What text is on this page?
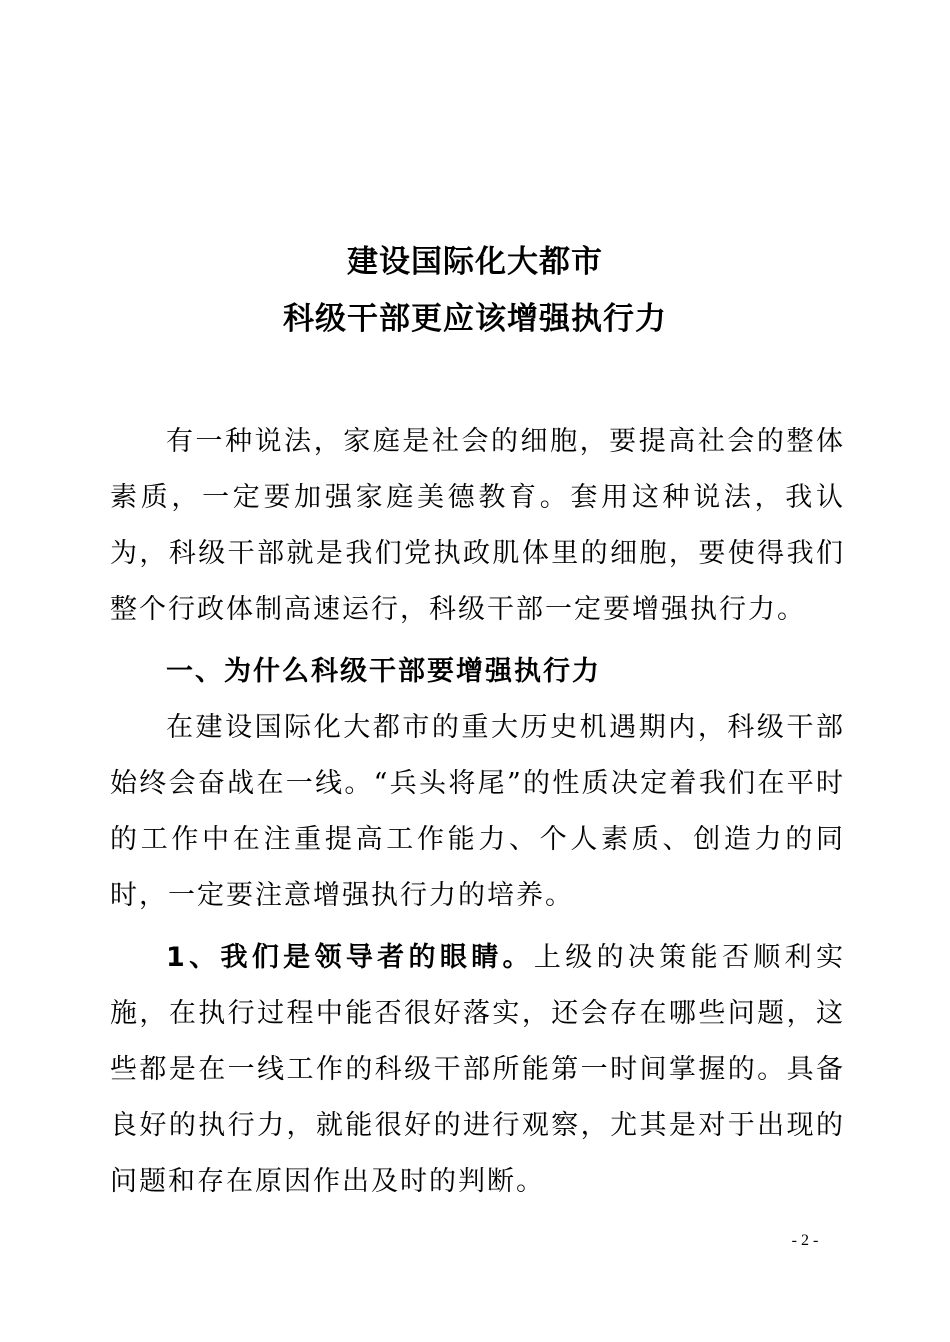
建设国际化大都市
科级干部更应该增强执行力

有一种说法，家庭是社会的细胞，要提高社会的整体素质，一定要加强家庭美德教育。套用这种说法，我认为，科级干部就是我们党执政肌体里的细胞，要使得我们整个行政体制高速运行，科级干部一定要增强执行力。

一、为什么科级干部要增强执行力

在建设国际化大都市的重大历史机遇期内，科级干部始终会奋战在一线。“兵头将尾”的性质决定着我们在平时的工作中在注重提高工作能力、个人素质、创造力的同时，一定要注意增强执行力的培养。

1、我们是领导者的眼睛。上级的决策能否顺利实施，在执行过程中能否很好落实，还会存在哪些问题，这些都是在一线工作的科级干部所能第一时间掌握的。具备良好的执行力，就能很好的进行观察，尤其是对于出现的问题和存在原因作出及时的判断。

- 2 -
